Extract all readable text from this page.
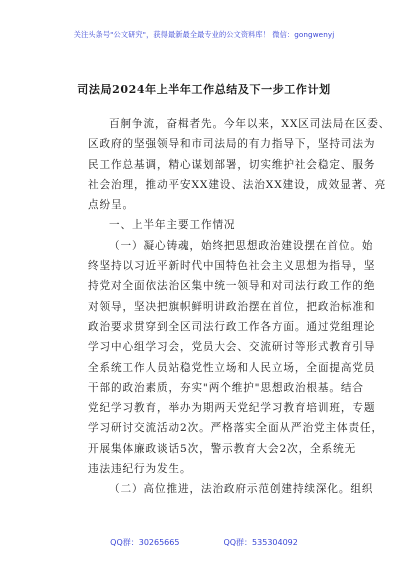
关注头条号"公文研究"，获得最新最全最专业的公文资料库！ 微信：gongwenyj
司法局2024年上半年工作总结及下一步工作计划
百舸争流，奋楫者先。今年以来，XX区司法局在区委、
区政府的坚强领导和市司法局的有力指导下，坚持司法为
民工作总基调，精心谋划部署，切实维护社会稳定、服务
社会治理，推动平安XX建设、法治XX建设，成效显著、亮
点纷呈。
一、上半年主要工作情况
（一）凝心铸魂，始终把思想政治建设摆在首位。始
终坚持以习近平新时代中国特色社会主义思想为指导，坚
持党对全面依法治区集中统一领导和对司法行政工作的绝
对领导，坚决把旗帜鲜明讲政治摆在首位，把政治标准和
政治要求贯穿到全区司法行政工作各方面。通过党组理论
学习中心组学习会，党员大会、交流研讨等形式教育引导
全系统工作人员站稳党性立场和人民立场，全面提高党员
干部的政治素质，夯实"两个维护"思想政治根基。结合
党纪学习教育，举办为期两天党纪学习教育培训班，专题
学习研讨交流活动2次。严格落实全面从严治党主体责任，
开展集体廉政谈话5次，警示教育大会2次，全系统无
违法违纪行为发生。
（二）高位推进，法治政府示范创建持续深化。组织
QQ群：30265665	QQ群：535304092
